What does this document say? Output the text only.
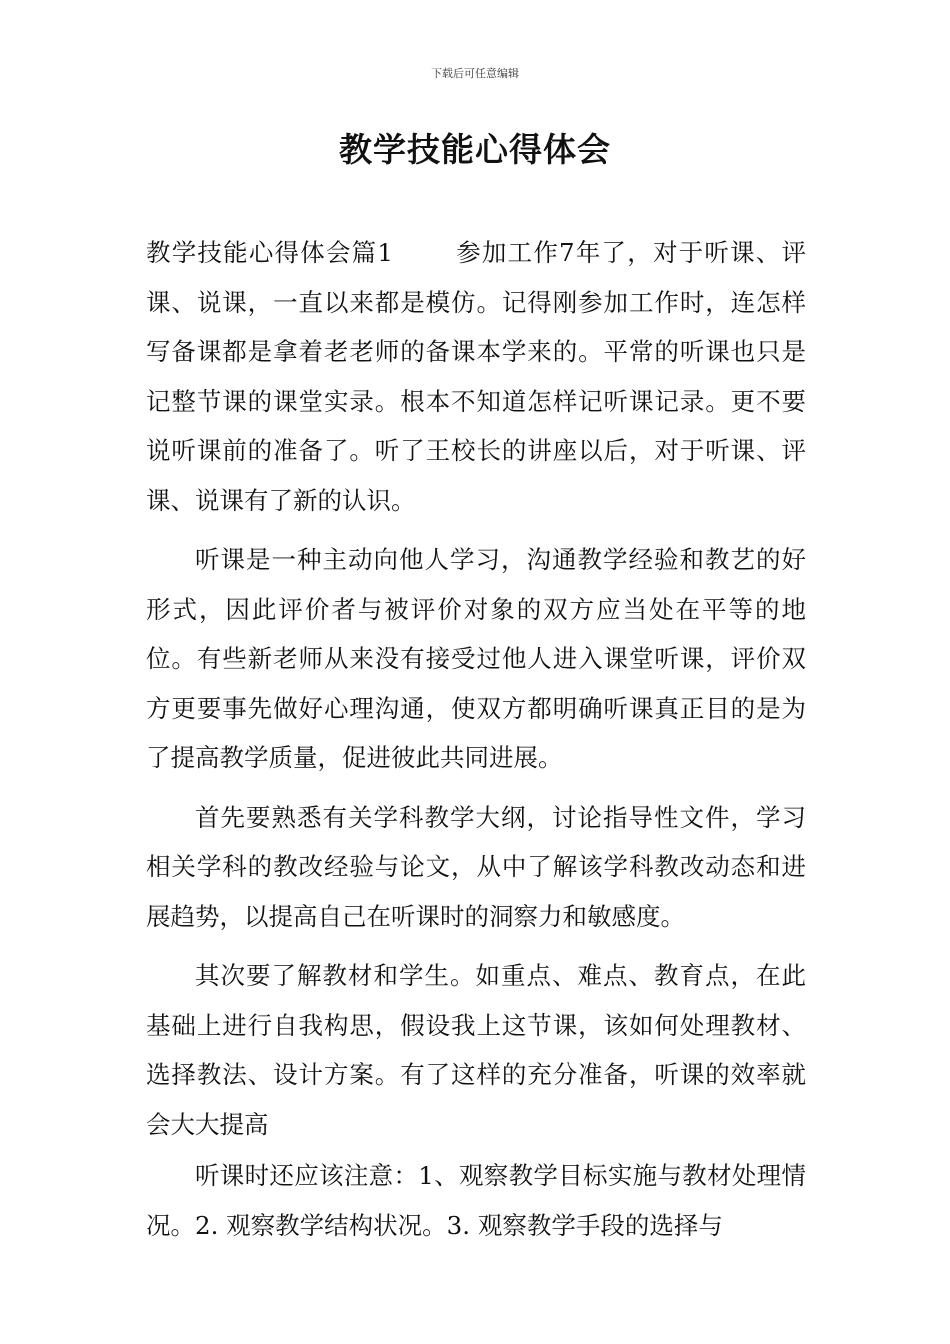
下载后可任意编辑
教学技能心得体会

教学技能心得体会篇1	参加工作7年了，对于听课、评课、说课，一直以来都是模仿。记得刚参加工作时，连怎样写备课都是拿着老老师的备课本学来的。平常的听课也只是记整节课的课堂实录。根本不知道怎样记听课记录。更不要说听课前的准备了。听了王校长的讲座以后，对于听课、评课、说课有了新的认识。

听课是一种主动向他人学习，沟通教学经验和教艺的好形式，因此评价者与被评价对象的双方应当处在平等的地位。有些新老师从来没有接受过他人进入课堂听课，评价双方更要事先做好心理沟通，使双方都明确听课真正目的是为了提高教学质量，促进彼此共同进展。

首先要熟悉有关学科教学大纲，讨论指导性文件，学习相关学科的教改经验与论文，从中了解该学科教改动态和进展趋势，以提高自己在听课时的洞察力和敏感度。

其次要了解教材和学生。如重点、难点、教育点，在此基础上进行自我构思，假设我上这节课，该如何处理教材、选择教法、设计方案。有了这样的充分准备，听课的效率就会大大提高

听课时还应该注意：1、观察教学目标实施与教材处理情况。2. 观察教学结构状况。3. 观察教学手段的选择与
